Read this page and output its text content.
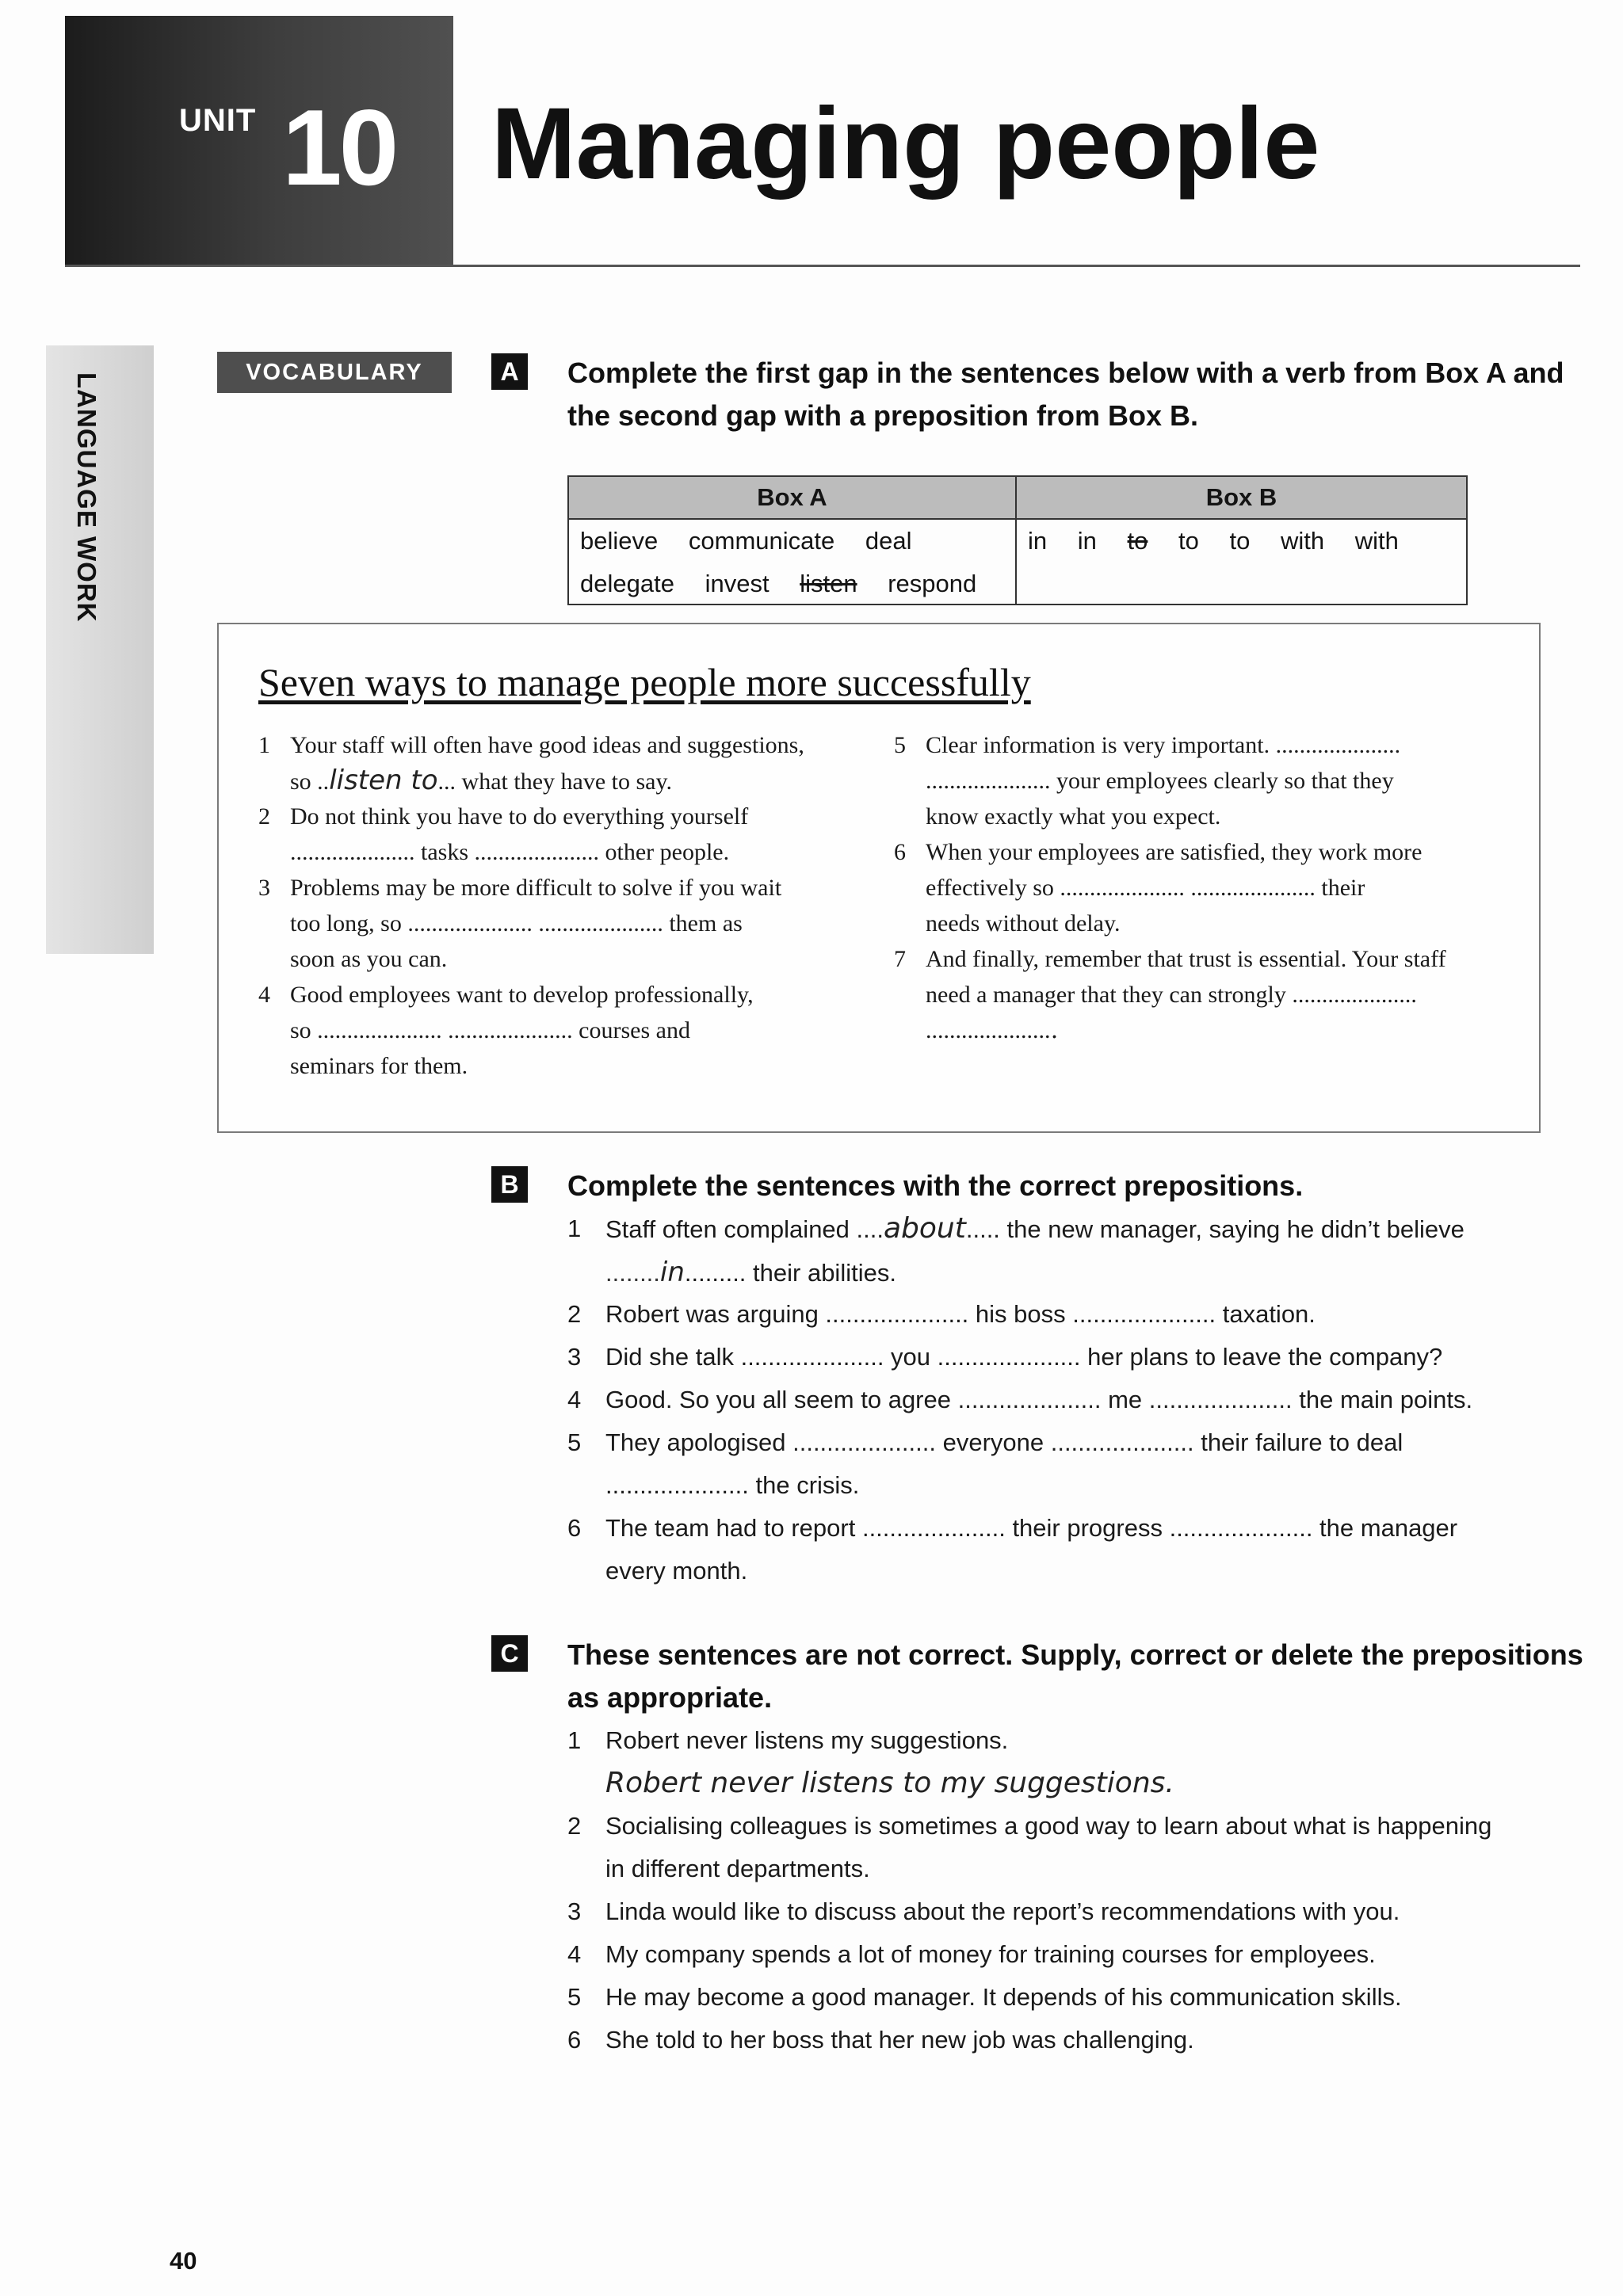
UNIT 10 Managing people
LANGUAGE WORK	VOCABULARY	A	Complete the first gap in the sentences below with a verb from Box A and
the second gap with a preposition from Box B.
Box A
believe communicate deal
delegate invest listen respond
Box B
in in to to to with with
Seven ways to manage people more successfully
1 Your staff will often have good ideas and suggestions,
so ..listen to... what they have to say.
2 Do not think you have to do everything yourself
..................... tasks ..................... other people.
3 Problems may be more difficult to solve if you wait
too long, so ..................... ..................... them as
soon as you can.
4 Good employees want to develop professionally,
so ..................... ..................... courses and
seminars for them.
5 Clear information is very important. .....................
..................... your employees clearly so that they
know exactly what you expect.
6 When your employees are satisfied, they work more
effectively so ..................... ..................... their
needs without delay.
7 And finally, remember that trust is essential. Your staff
need a manager that they can strongly .....................
.....................․
B	Complete the sentences with the correct prepositions.
1 Staff often complained ....about..... the new manager, saying he didn’t believe
........in......... their abilities.
2 Robert was arguing ..................... his boss ..................... taxation.
3 Did she talk ..................... you ..................... her plans to leave the company?
4 Good. So you all seem to agree ..................... me ..................... the main points.
5 They apologised ..................... everyone ..................... their failure to deal
..................... the crisis.
6 The team had to report ..................... their progress ..................... the manager
every month.
C	These sentences are not correct. Supply, correct or delete the prepositions
as appropriate.
1 Robert never listens my suggestions.
Robert never listens to my suggestions.
2 Socialising colleagues is sometimes a good way to learn about what is happening
in different departments.
3 Linda would like to discuss about the report’s recommendations with you.
4 My company spends a lot of money for training courses for employees.
5 He may become a good manager. It depends of his communication skills.
6 She told to her boss that her new job was challenging.
40
